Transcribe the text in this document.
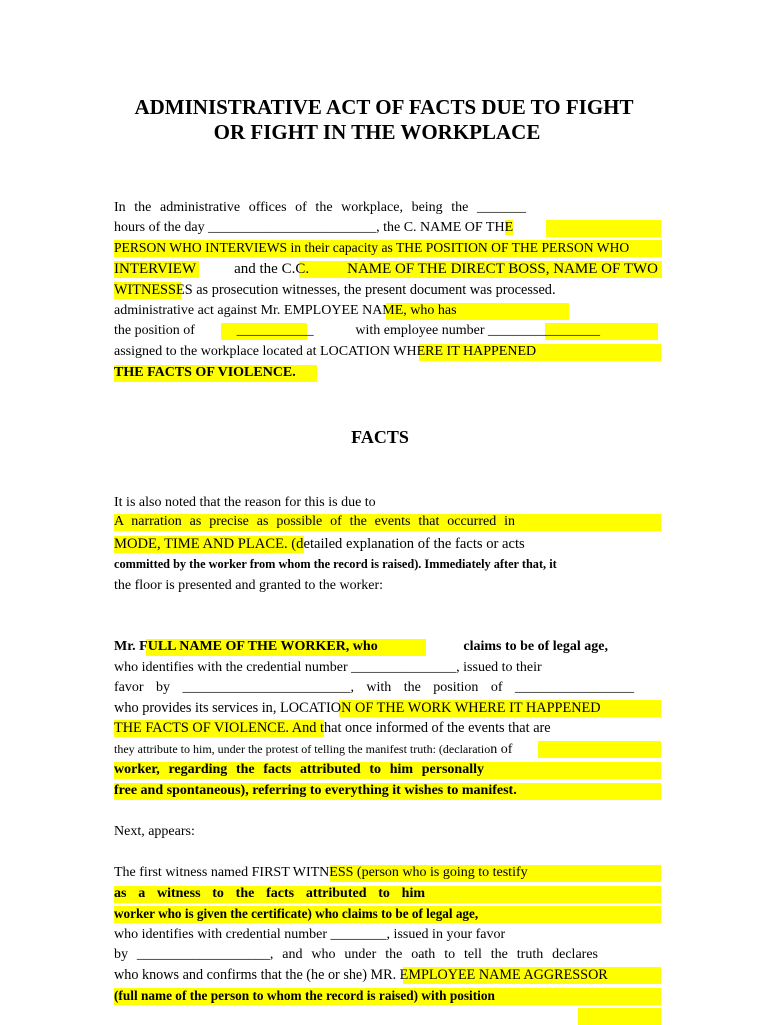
ADMINISTRATIVE ACT OF FACTS DUE TO FIGHT
OR FIGHT IN THE WORKPLACE
In the administrative offices of the workplace, being the _______
hours of the day ________________________, the C. NAME OF THE
PERSON WHO INTERVIEWS in their capacity as THE POSITION OF THE PERSON WHO
INTERVIEW	and the C.C.	NAME OF THE DIRECT BOSS, NAME OF TWO
WITNESSES as prosecution witnesses, the present document was processed.
administrative act against Mr. EMPLOYEE NAME, who has
the position of	___________	with employee number ________________
assigned to the workplace located at LOCATION WHERE IT HAPPENED
THE FACTS OF VIOLENCE.
FACTS
It is also noted that the reason for this is due to
A narration as precise as possible of the events that occurred in
MODE, TIME AND PLACE. (detailed explanation of the facts or acts
committed by the worker from whom the record is raised). Immediately after that, it
the floor is presented and granted to the worker:
Mr. FULL NAME OF THE WORKER, who	claims to be of legal age,
who identifies with the credential number _______________, issued to their
favor by ________________________, with the position of _________________
who provides its services in, LOCATION OF THE WORK WHERE IT HAPPENED
THE FACTS OF VIOLENCE. And that once informed of the events that are
they attribute to him, under the protest of telling the manifest truth: (declaration of
worker, regarding the facts attributed to him personally
free and spontaneous), referring to everything it wishes to manifest.
Next, appears:
The first witness named FIRST WITNESS (person who is going to testify
as a witness to the facts attributed to him
worker who is given the certificate) who claims to be of legal age,
who identifies with credential number ________, issued in your favor
by ___________________, and who under the oath to tell the truth declares
who knows and confirms that the (he or she) MR. EMPLOYEE NAME AGGRESSOR
(full name of the person to whom the record is raised) with position
